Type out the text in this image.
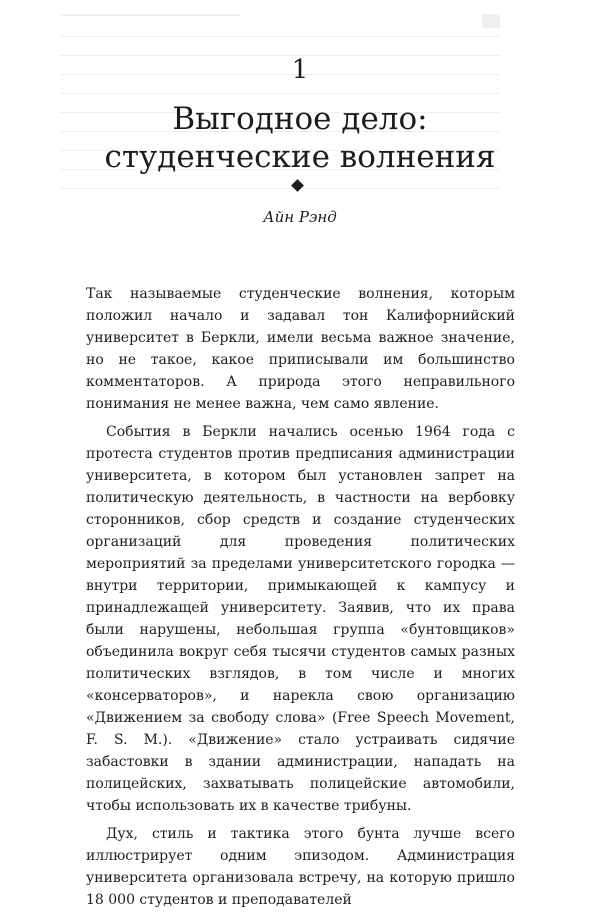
1
Выгодное дело:
студенческие волнения
Айн Рэнд

Так называемые студенческие волнения, которым положил начало и задавал тон Калифорнийский университет в Беркли, имели весьма важное значение, но не такое, какое приписывали им большинство комментаторов. А природа этого неправильного понимания не менее важна, чем само явление.

События в Беркли начались осенью 1964 года с протеста студентов против предписания администрации университета, в котором был установлен запрет на политическую деятельность, в частности на вербовку сторонников, сбор средств и создание студенческих организаций для проведения политических мероприятий за пределами университетского городка — внутри территории, примыкающей к кампусу и принадлежащей университету. Заявив, что их права были нарушены, небольшая группа «бунтовщиков» объединила вокруг себя тысячи студентов самых разных политических взглядов, в том числе и многих «консерваторов», и нарекла свою организацию «Движением за свободу слова» (Free Speech Movement, F. S. M.). «Движение» стало устраивать сидячие забастовки в здании администрации, нападать на полицейских, захватывать полицейские автомобили, чтобы использовать их в качестве трибуны.

Дух, стиль и тактика этого бунта лучше всего иллюстрирует одним эпизодом. Администрация университета организовала встречу, на которую пришло 18 000 студентов и преподавателей
